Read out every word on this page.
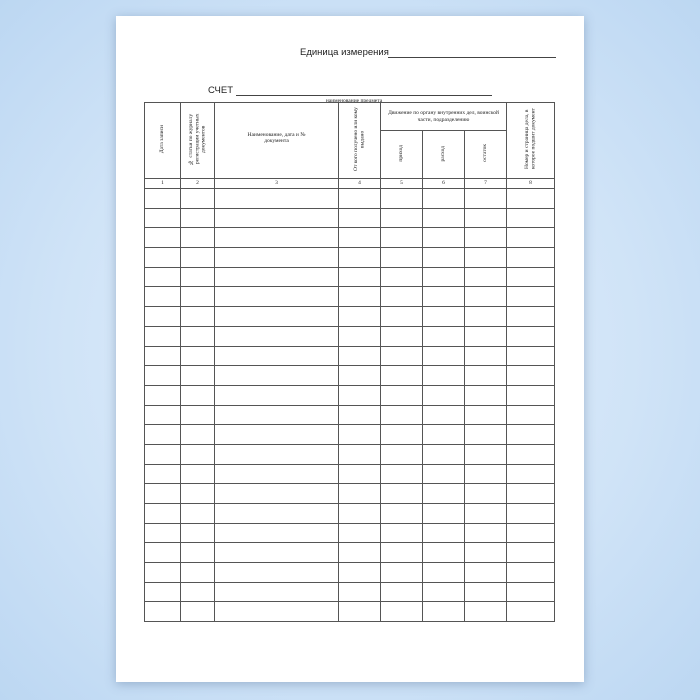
Единица измерения
СЧЕТ
наименование предмета
Дата записи	№ статьи по журналу регистрации учетных документов	Наименование, дата и № документа	От кого получено или кому выдано	Движение по органу внутренних дел, воинской части, подразделению			Номер и страница дела, в которое подшит документ
				приход	расход	остаток	
1	2	3	4	5	6	7	8
